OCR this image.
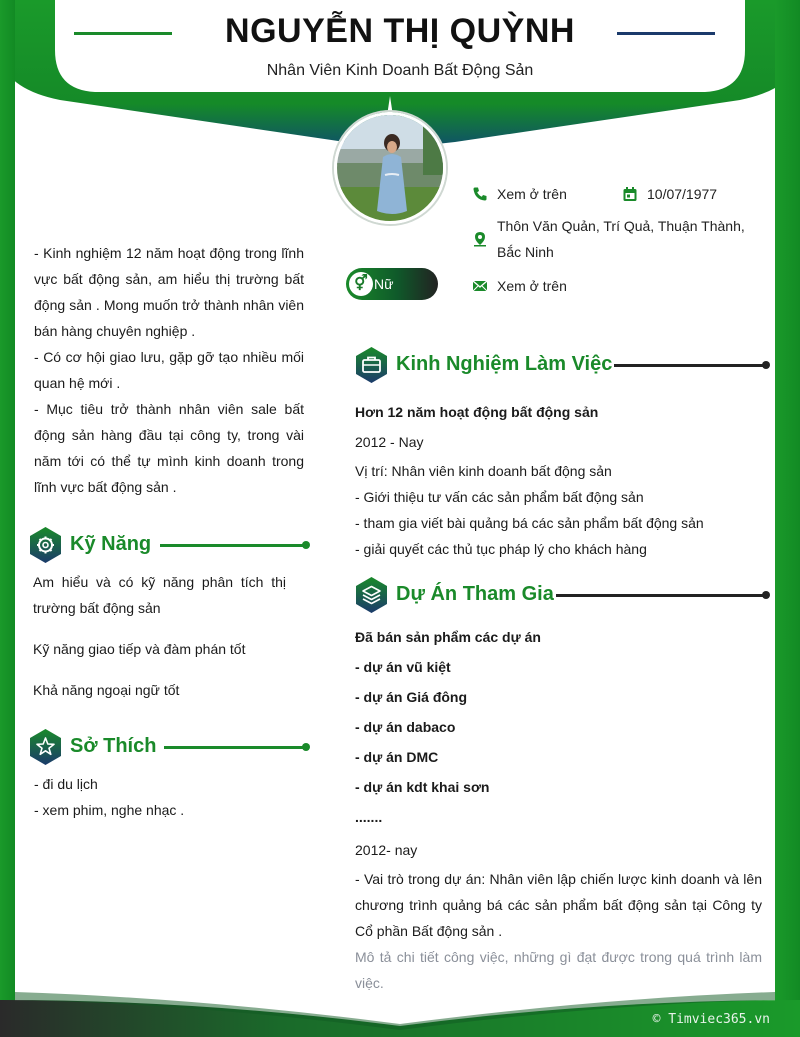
NGUYỄN THỊ QUỲNH
Nhân Viên Kinh Doanh Bất Động Sản
Xem ở trên	10/07/1977
Thôn Văn Quản, Trí Quả, Thuận Thành, Bắc Ninh
Xem ở trên
⚥ Nữ

- Kinh nghiệm 12 năm hoạt động trong lĩnh vực bất động sản, am hiểu thị trường bất động sản . Mong muốn trở thành nhân viên bán hàng chuyên nghiệp .

- Có cơ hội giao lưu, gặp gỡ tạo nhiều mối quan hệ mới .

- Mục tiêu trở thành nhân viên sale bất động sản hàng đầu tại công ty, trong vài năm tới có thể tự mình kinh doanh trong lĩnh vực bất động sản .

Kỹ Năng
Am hiểu và có kỹ năng phân tích thị trường bất động sản
Kỹ năng giao tiếp và đàm phán tốt
Khả năng ngoại ngữ tốt
Sở Thích
- đi du lịch
- xem phim, nghe nhạc .
Kinh Nghiệm Làm Việc
Hơn 12 năm hoạt động bất động sản
2012 - Nay
Vị trí: Nhân viên kinh doanh bất động sản
- Giới thiệu tư vấn các sản phẩm bất động sản
- tham gia viết bài quảng bá các sản phẩm bất động sản
- giải quyết các thủ tục pháp lý cho khách hàng
Dự Án Tham Gia
Đã bán sản phẩm các dự án
- dự án vũ kiệt
- dự án Giá đông
- dự án dabaco
- dự án DMC
- dự án kdt khai sơn
.......
2012- nay
- Vai trò trong dự án: Nhân viên lập chiến lược kinh doanh và lên chương trình quảng bá các sản phẩm bất động sản tại Công ty Cổ phần Bất động sản .
Mô tả chi tiết công việc, những gì đạt được trong quá trình làm việc.
© Timviec365.vn
